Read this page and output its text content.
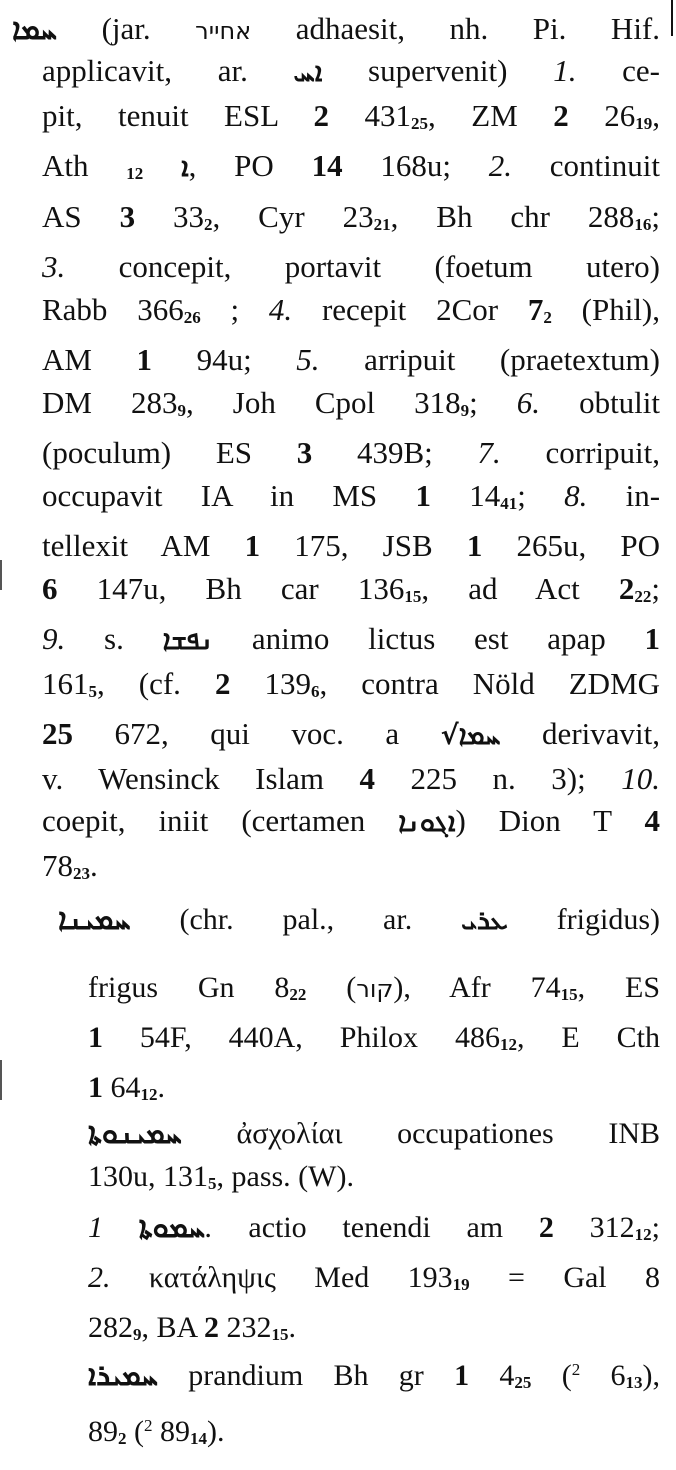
ܚܡܐ (jar. אחייר adhaesit, nh. Pi. Hif.
applicavit, ar. ܐܚ supervenit) 1. ce-
pit, tenuit ESL 2 43125, ZM 2 2619,
Ath ܐ 12 , PO 14 168u; 2. continuit
AS 3 332, Cyr 2321, Bh chr 28816;
3. concepit, portavit (foetum utero)
Rabb 36626 ; 4. recepit 2Cor 72 (Phil),
AM 1 94u; 5. arripuit (praetextum)
DM 2839, Joh Cpol 3189; 6. obtulit
(poculum) ES 3 439B; 7. corripuit,
occupavit IA in MS 1 1441; 8. in-
tellexit AM 1 175, JSB 1 265u, PO
6 147u, Bh car 13615, ad Act 222;
9. s. ܢܦܫܐ animo lictus est apap 1
1615, (cf. 2 1396, contra Nöld ZDMG
25 672, qui voc. a √ܚܡܐ derivavit,
v. Wensinck Islam 4 225 n. 3); 10.
coepit, iniit (certamen ܐܓܘܢܐ) Dion T 4
7823.
ܚܡܝܢܐ (chr. pal., ar. ܥܪܝ frigidus)
frigus Gn 822 (קור), Afr 7415, ES
1 54F, 440A, Philox 48612, E Cth
1 6412.
ܚܡܝܢܘܬܐ ἀσχολίαι occupationes INB
130u, 1315, pass. (W).
ܚܡܘܬܐ 1. actio tenendi am 2 31212;
2. κατάληψις Med 19319 = Gal 8
2829, BA 2 23215.
ܚܡܝܪܐ prandium Bh gr 1 425 ($^2$ 613),
892 ($^2$ 8914).
